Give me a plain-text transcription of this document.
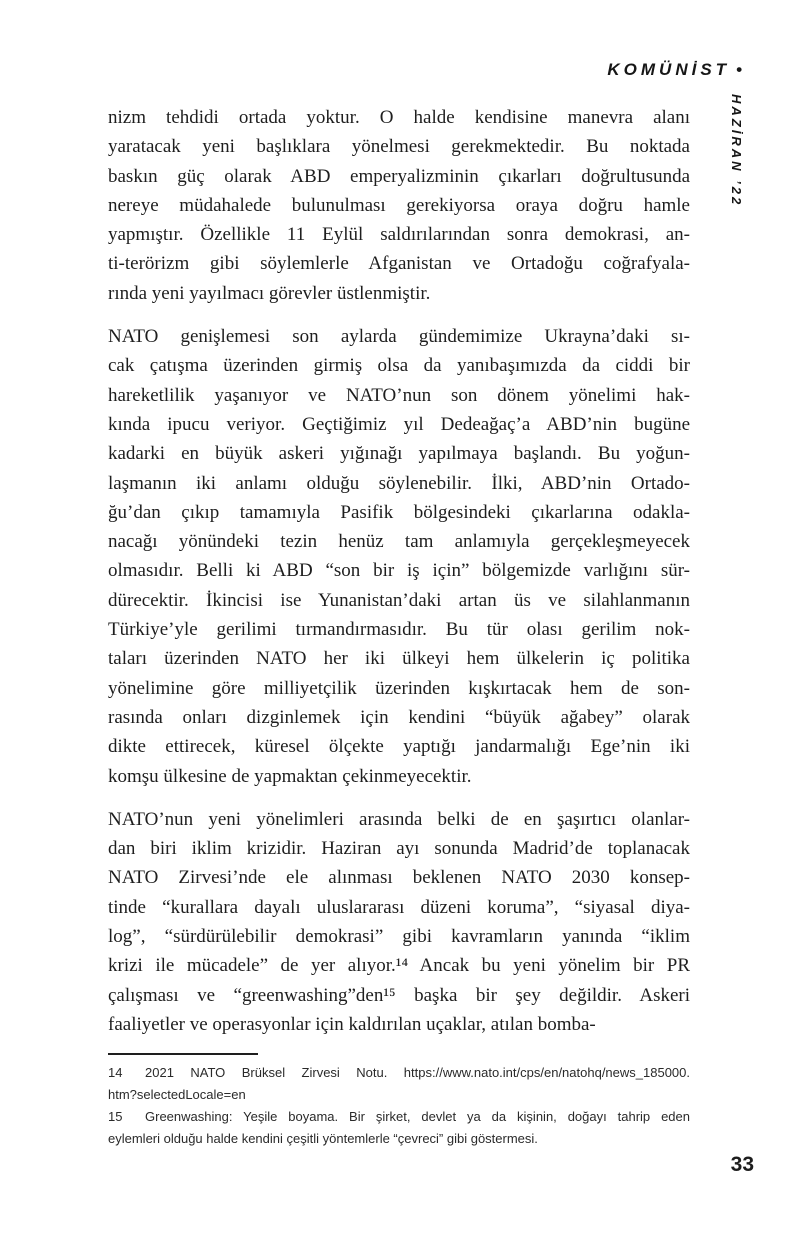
KOMÜNİST •
HAZİRAN ’22
nizm tehdidi ortada yoktur. O halde kendisine manevra alanı
yaratacak yeni başlıklara yönelmesi gerekmektedir. Bu noktada
baskın güç olarak ABD emperyalizminin çıkarları doğrultusunda
nereye müdahalede bulunulması gerekiyorsa oraya doğru hamle
yapmıştır. Özellikle 11 Eylül saldırılarından sonra demokrasi, an-
ti-terörizm gibi söylemlerle Afganistan ve Ortadoğu coğrafyala-
rında yeni yayılmacı görevler üstlenmiştir.
NATO genişlemesi son aylarda gündemimize Ukrayna’daki sı-
cak çatışma üzerinden girmiş olsa da yanıbaşımızda da ciddi bir
hareketlilik yaşanıyor ve NATO’nun son dönem yönelimi hak-
kında ipucu veriyor. Geçtiğimiz yıl Dedeağaç’a ABD’nin bugüne
kadarki en büyük askeri yığınağı yapılmaya başlandı. Bu yoğun-
laşmanın iki anlamı olduğu söylenebilir. İlki, ABD’nin Ortado-
ğu’dan çıkıp tamamıyla Pasifik bölgesindeki çıkarlarına odakla-
nacağı yönündeki tezin henüz tam anlamıyla gerçekleşmeyecek
olmasıdır. Belli ki ABD “son bir iş için” bölgemizde varlığını sür-
dürecektir. İkincisi ise Yunanistan’daki artan üs ve silahlanmanın
Türkiye’yle gerilimi tırmandırmasıdır. Bu tür olası gerilim nok-
taları üzerinden NATO her iki ülkeyi hem ülkelerin iç politika
yönelimine göre milliyetçilik üzerinden kışkırtacak hem de son-
rasında onları dizginlemek için kendini “büyük ağabey” olarak
dikte ettirecek, küresel ölçekte yaptığı jandarmalığı Ege’nin iki
komşu ülkesine de yapmaktan çekinmeyecektir.
NATO’nun yeni yönelimleri arasında belki de en şaşırtıcı olanlar-
dan biri iklim krizidir. Haziran ayı sonunda Madrid’de toplanacak
NATO Zirvesi’nde ele alınması beklenen NATO 2030 konsep-
tinde “kurallara dayalı uluslararası düzeni koruma”, “siyasal diya-
log”, “sürdürülebilir demokrasi” gibi kavramların yanında “iklim
krizi ile mücadele” de yer alıyor.¹⁴ Ancak bu yeni yönelim bir PR
çalışması ve “greenwashing”den¹⁵ başka bir şey değildir. Askeri
faaliyetler ve operasyonlar için kaldırılan uçaklar, atılan bomba-
14 2021 NATO Brüksel Zirvesi Notu. https://www.nato.int/cps/en/natohq/news_185000.
htm?selectedLocale=en
15 Greenwashing: Yeşile boyama. Bir şirket, devlet ya da kişinin, doğayı tahrip eden
eylemleri olduğu halde kendini çeşitli yöntemlerle “çevreci” gibi göstermesi.
33
